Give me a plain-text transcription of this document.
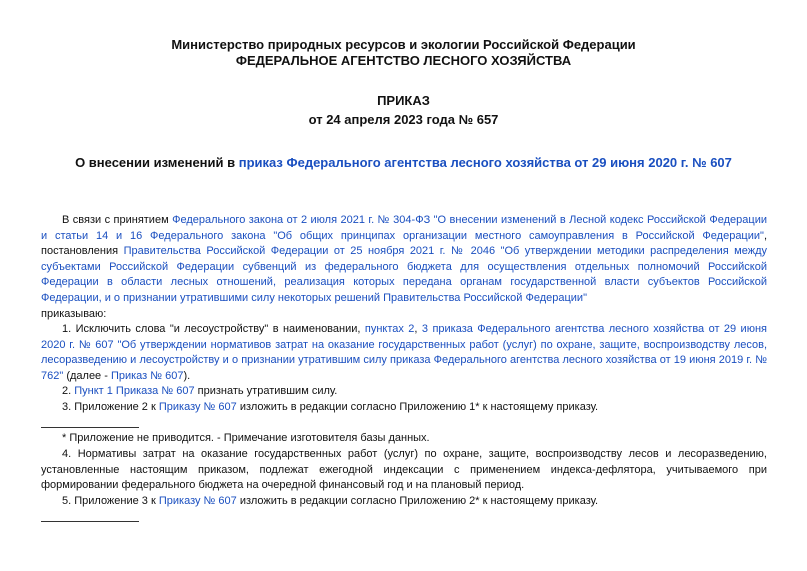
Министерство природных ресурсов и экологии Российской Федерации
ФЕДЕРАЛЬНОЕ АГЕНТСТВО ЛЕСНОГО ХОЗЯЙСТВА
ПРИКАЗ
от 24 апреля 2023 года № 657
О внесении изменений в приказ Федерального агентства лесного хозяйства от 29 июня 2020 г. № 607
В связи с принятием Федерального закона от 2 июля 2021 г. № 304-ФЗ "О внесении изменений в Лесной кодекс Российской Федерации и статьи 14 и 16 Федерального закона "Об общих принципах организации местного самоуправления в Российской Федерации", постановления Правительства Российской Федерации от 25 ноября 2021 г. № 2046 "Об утверждении методики распределения между субъектами Российской Федерации субвенций из федерального бюджета для осуществления отдельных полномочий Российской Федерации в области лесных отношений, реализация которых передана органам государственной власти субъектов Российской Федерации, и о признании утратившими силу некоторых решений Правительства Российской Федерации"
приказываю:
1. Исключить слова "и лесоустройству" в наименовании, пунктах 2, 3 приказа Федерального агентства лесного хозяйства от 29 июня 2020 г. № 607 "Об утверждении нормативов затрат на оказание государственных работ (услуг) по охране, защите, воспроизводству лесов, лесоразведению и лесоустройству и о признании утратившим силу приказа Федерального агентства лесного хозяйства от 19 июня 2019 г. № 762" (далее - Приказ № 607).
2. Пункт 1 Приказа № 607 признать утратившим силу.
3. Приложение 2 к Приказу № 607 изложить в редакции согласно Приложению 1* к настоящему приказу.
* Приложение не приводится. - Примечание изготовителя базы данных.
4. Нормативы затрат на оказание государственных работ (услуг) по охране, защите, воспроизводству лесов и лесоразведению, установленные настоящим приказом, подлежат ежегодной индексации с применением индекса-дефлятора, учитываемого при формировании федерального бюджета на очередной финансовый год и на плановый период.
5. Приложение 3 к Приказу № 607 изложить в редакции согласно Приложению 2* к настоящему приказу.
